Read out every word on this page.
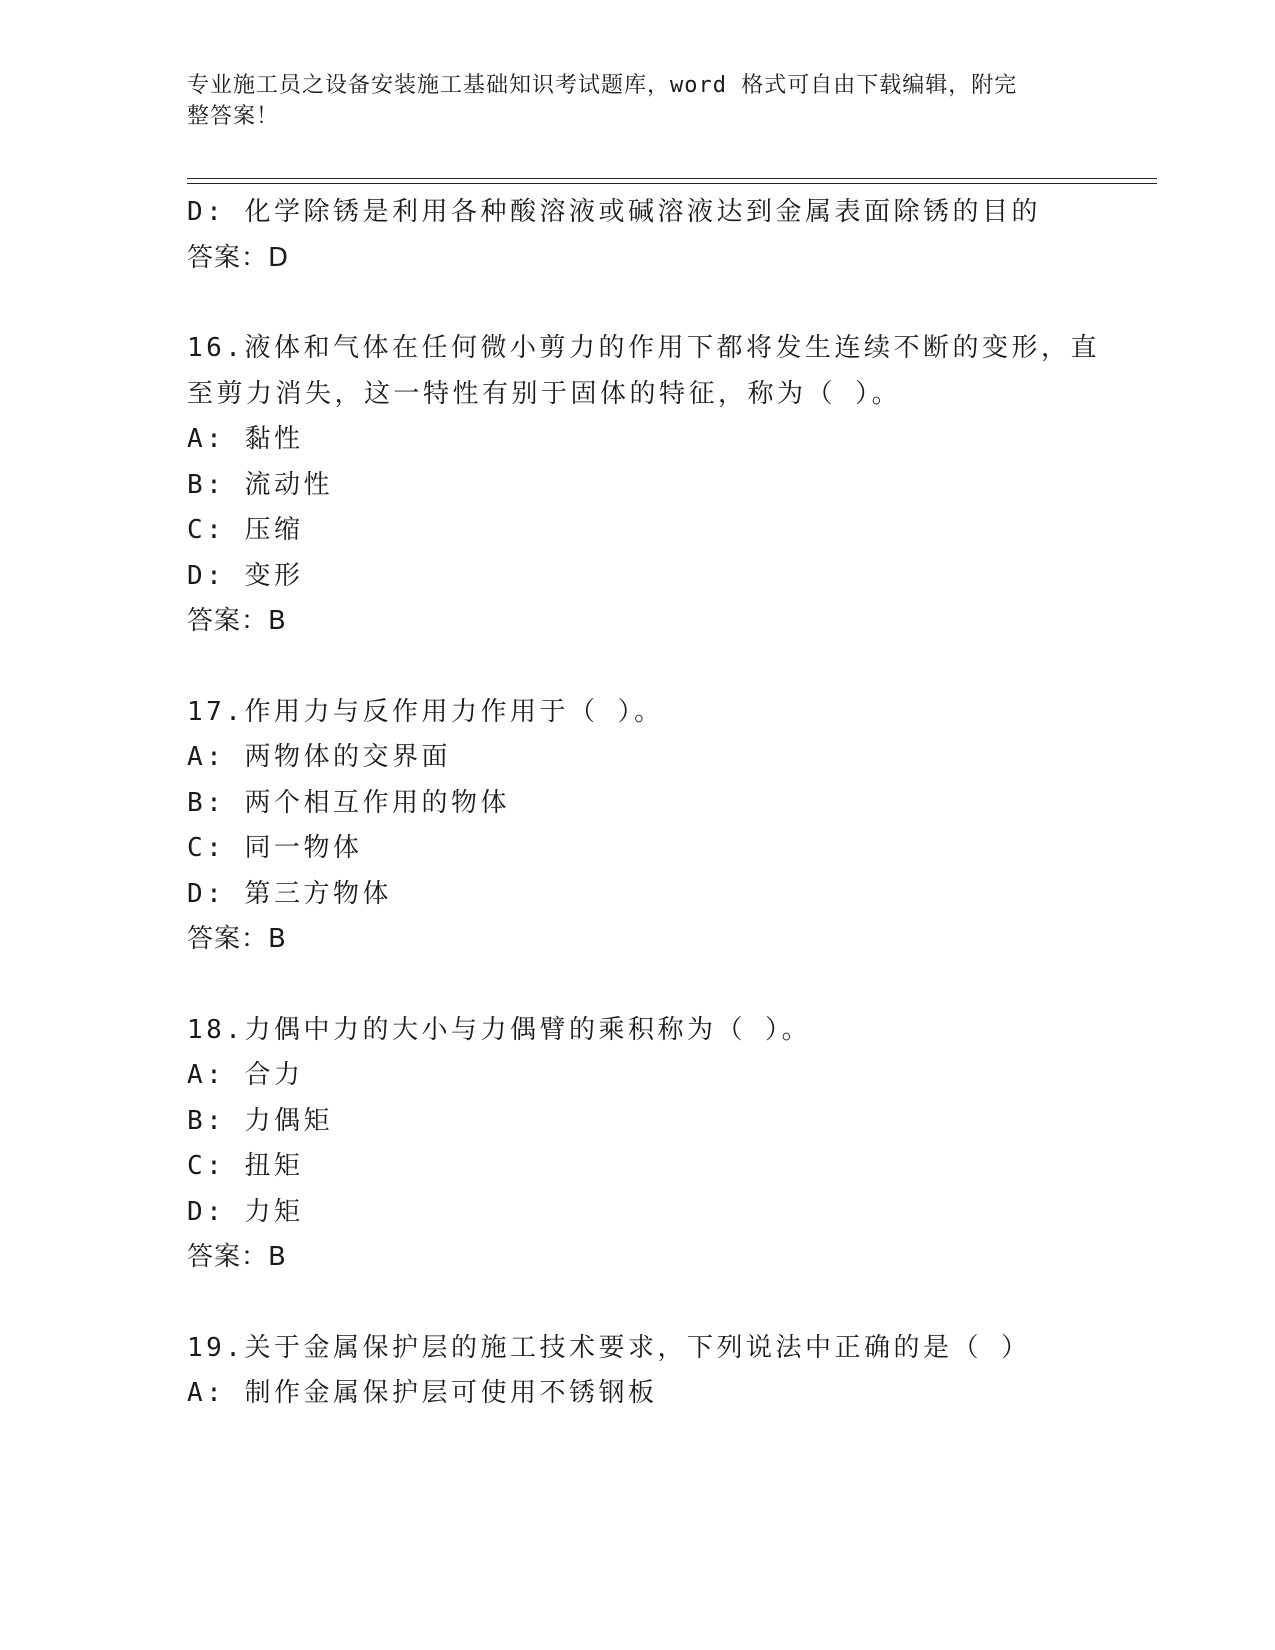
专业施工员之设备安装施工基础知识考试题库，word 格式可自由下载编辑，附完
整答案！
D: 化学除锈是利用各种酸溶液或碱溶液达到金属表面除锈的目的
答案：D
16.液体和气体在任何微小剪力的作用下都将发生连续不断的变形，直
至剪力消失，这一特性有别于固体的特征，称为（ ）。
A: 黏性
B: 流动性
C: 压缩
D: 变形
答案：B
17.作用力与反作用力作用于（ ）。
A: 两物体的交界面
B: 两个相互作用的物体
C: 同一物体
D: 第三方物体
答案：B
18.力偶中力的大小与力偶臂的乘积称为（ ）。
A: 合力
B: 力偶矩
C: 扭矩
D: 力矩
答案：B
19.关于金属保护层的施工技术要求，下列说法中正确的是（ ）
A: 制作金属保护层可使用不锈钢板
